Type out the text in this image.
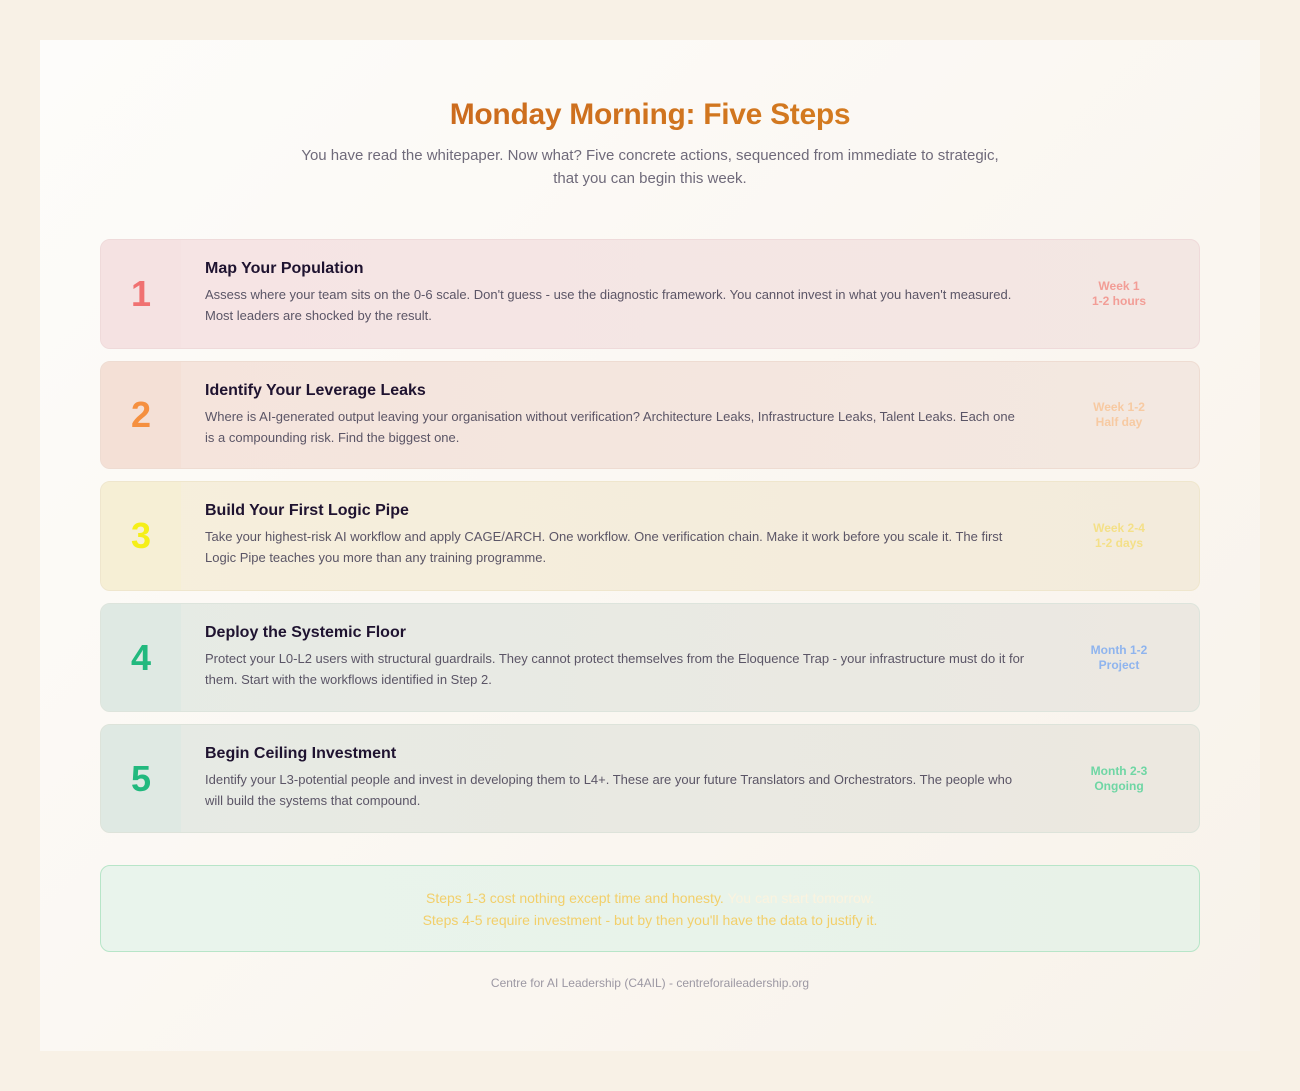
Monday Morning: Five Steps

You have read the whitepaper. Now what? Five concrete actions, sequenced from immediate to strategic, that you can begin this week.

1
Map Your Population
Assess where your team sits on the 0-6 scale. Don't guess - use the diagnostic framework. You cannot invest in what you haven't measured. Most leaders are shocked by the result.
Week 1
1-2 hours
2
Identify Your Leverage Leaks
Where is AI-generated output leaving your organisation without verification? Architecture Leaks, Infrastructure Leaks, Talent Leaks. Each one is a compounding risk. Find the biggest one.
Week 1-2
Half day
3
Build Your First Logic Pipe
Take your highest-risk AI workflow and apply CAGE/ARCH. One workflow. One verification chain. Make it work before you scale it. The first Logic Pipe teaches you more than any training programme.
Week 2-4
1-2 days
4
Deploy the Systemic Floor
Protect your L0-L2 users with structural guardrails. They cannot protect themselves from the Eloquence Trap - your infrastructure must do it for them. Start with the workflows identified in Step 2.
Month 1-2
Project
5
Begin Ceiling Investment
Identify your L3-potential people and invest in developing them to L4+. These are your future Translators and Orchestrators. The people who will build the systems that compound.
Month 2-3
Ongoing
Steps 1-3 cost nothing except time and honesty. You can start tomorrow.
Steps 4-5 require investment - but by then you'll have the data to justify it.
Centre for AI Leadership (C4AIL) - centreforaileadership.org
